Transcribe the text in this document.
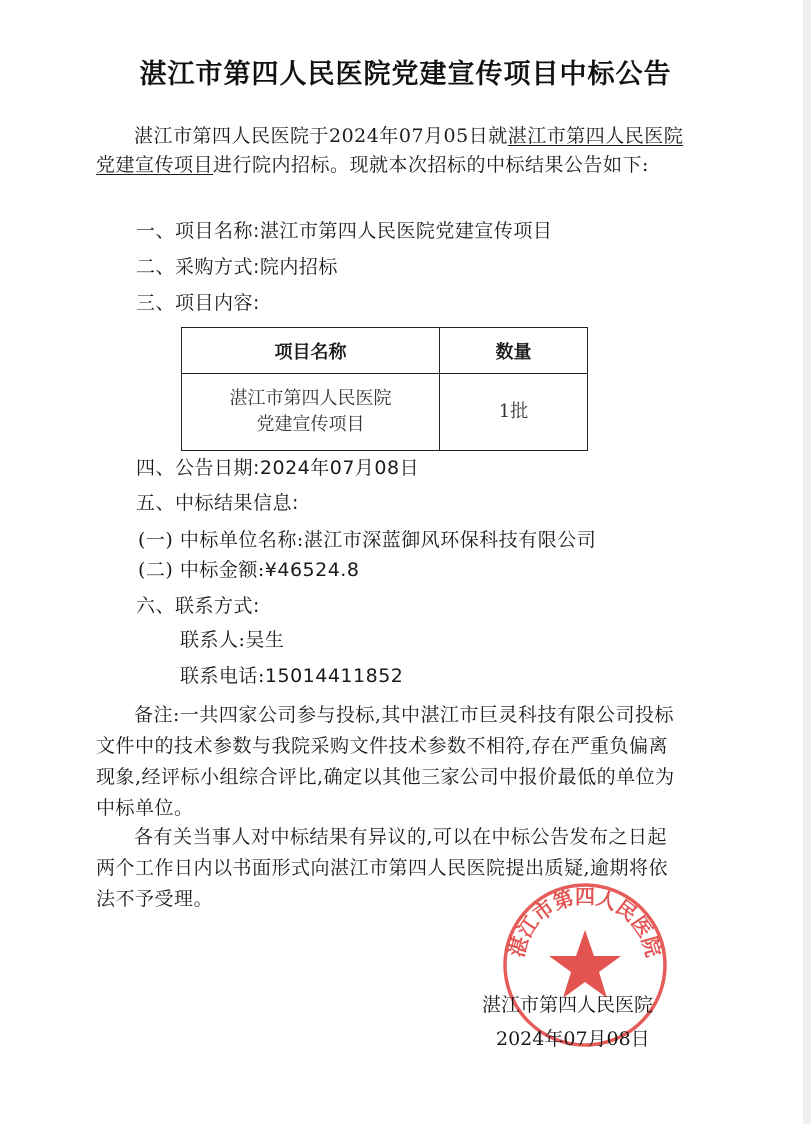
湛江市第四人民医院党建宣传项目中标公告
湛江市第四人民医院于2024年07月05日就湛江市第四人民医院党建宣传项目进行院内招标。现就本次招标的中标结果公告如下:
一、项目名称:湛江市第四人民医院党建宣传项目
二、采购方式:院内招标
三、项目内容:
项目名称	数量

湛江市第四人民医院
党建宣传项目	1批
四、公告日期:2024年07月08日
五、中标结果信息:
(一) 中标单位名称:湛江市深蓝御风环保科技有限公司
(二) 中标金额:¥46524.8
六、联系方式:
联系人:吴生
联系电话:15014411852
备注:一共四家公司参与投标,其中湛江市巨灵科技有限公司投标文件中的技术参数与我院采购文件技术参数不相符,存在严重负偏离现象,经评标小组综合评比,确定以其他三家公司中报价最低的单位为中标单位。
各有关当事人对中标结果有异议的,可以在中标公告发布之日起两个工作日内以书面形式向湛江市第四人民医院提出质疑,逾期将依法不予受理。
湛江市第四人民医院
湛江市第四人民医院
2024年07月08日
